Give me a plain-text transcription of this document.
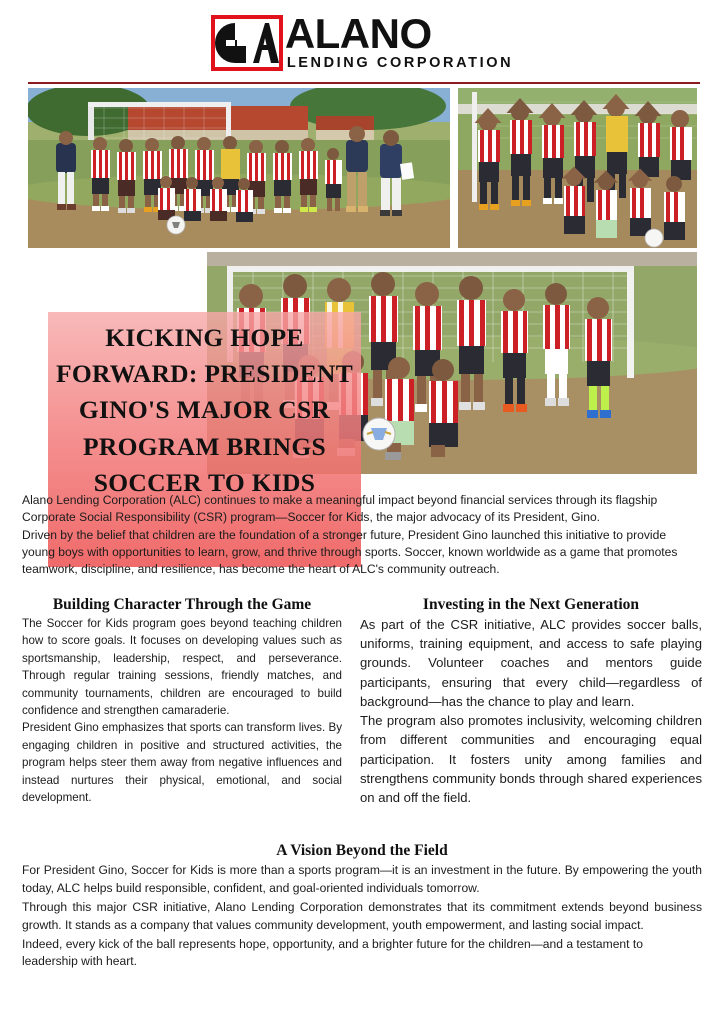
ALANO
LENDING CORPORATION
KICKING HOPE FORWARD: PRESIDENT GINO'S MAJOR CSR PROGRAM BRINGS SOCCER TO KIDS

Alano Lending Corporation (ALC) continues to make a meaningful impact beyond financial services through its flagship Corporate Social Responsibility (CSR) program—Soccer for Kids, the major advocacy of its President, Gino.

Driven by the belief that children are the foundation of a stronger future, President Gino launched this initiative to provide young boys with opportunities to learn, grow, and thrive through sports. Soccer, known worldwide as a game that promotes teamwork, discipline, and resilience, has become the heart of ALC's community outreach.

Building Character Through the Game

The Soccer for Kids program goes beyond teaching children how to score goals. It focuses on developing values such as sportsmanship, leadership, respect, and perseverance. Through regular training sessions, friendly matches, and community tournaments, children are encouraged to build confidence and strengthen camaraderie.

President Gino emphasizes that sports can transform lives. By engaging children in positive and structured activities, the program helps steer them away from negative influences and instead nurtures their physical, emotional, and social development.

Investing in the Next Generation

As part of the CSR initiative, ALC provides soccer balls, uniforms, training equipment, and access to safe playing grounds. Volunteer coaches and mentors guide participants, ensuring that every child—regardless of background—has the chance to play and learn.

The program also promotes inclusivity, welcoming children from different communities and encouraging equal participation. It fosters unity among families and strengthens community bonds through shared experiences on and off the field.

A Vision Beyond the Field

For President Gino, Soccer for Kids is more than a sports program—it is an investment in the future. By empowering the youth today, ALC helps build responsible, confident, and goal-oriented individuals tomorrow.

Through this major CSR initiative, Alano Lending Corporation demonstrates that its commitment extends beyond business growth. It stands as a company that values community development, youth empowerment, and lasting social impact.

Indeed, every kick of the ball represents hope, opportunity, and a brighter future for the children—and a testament to leadership with heart.
